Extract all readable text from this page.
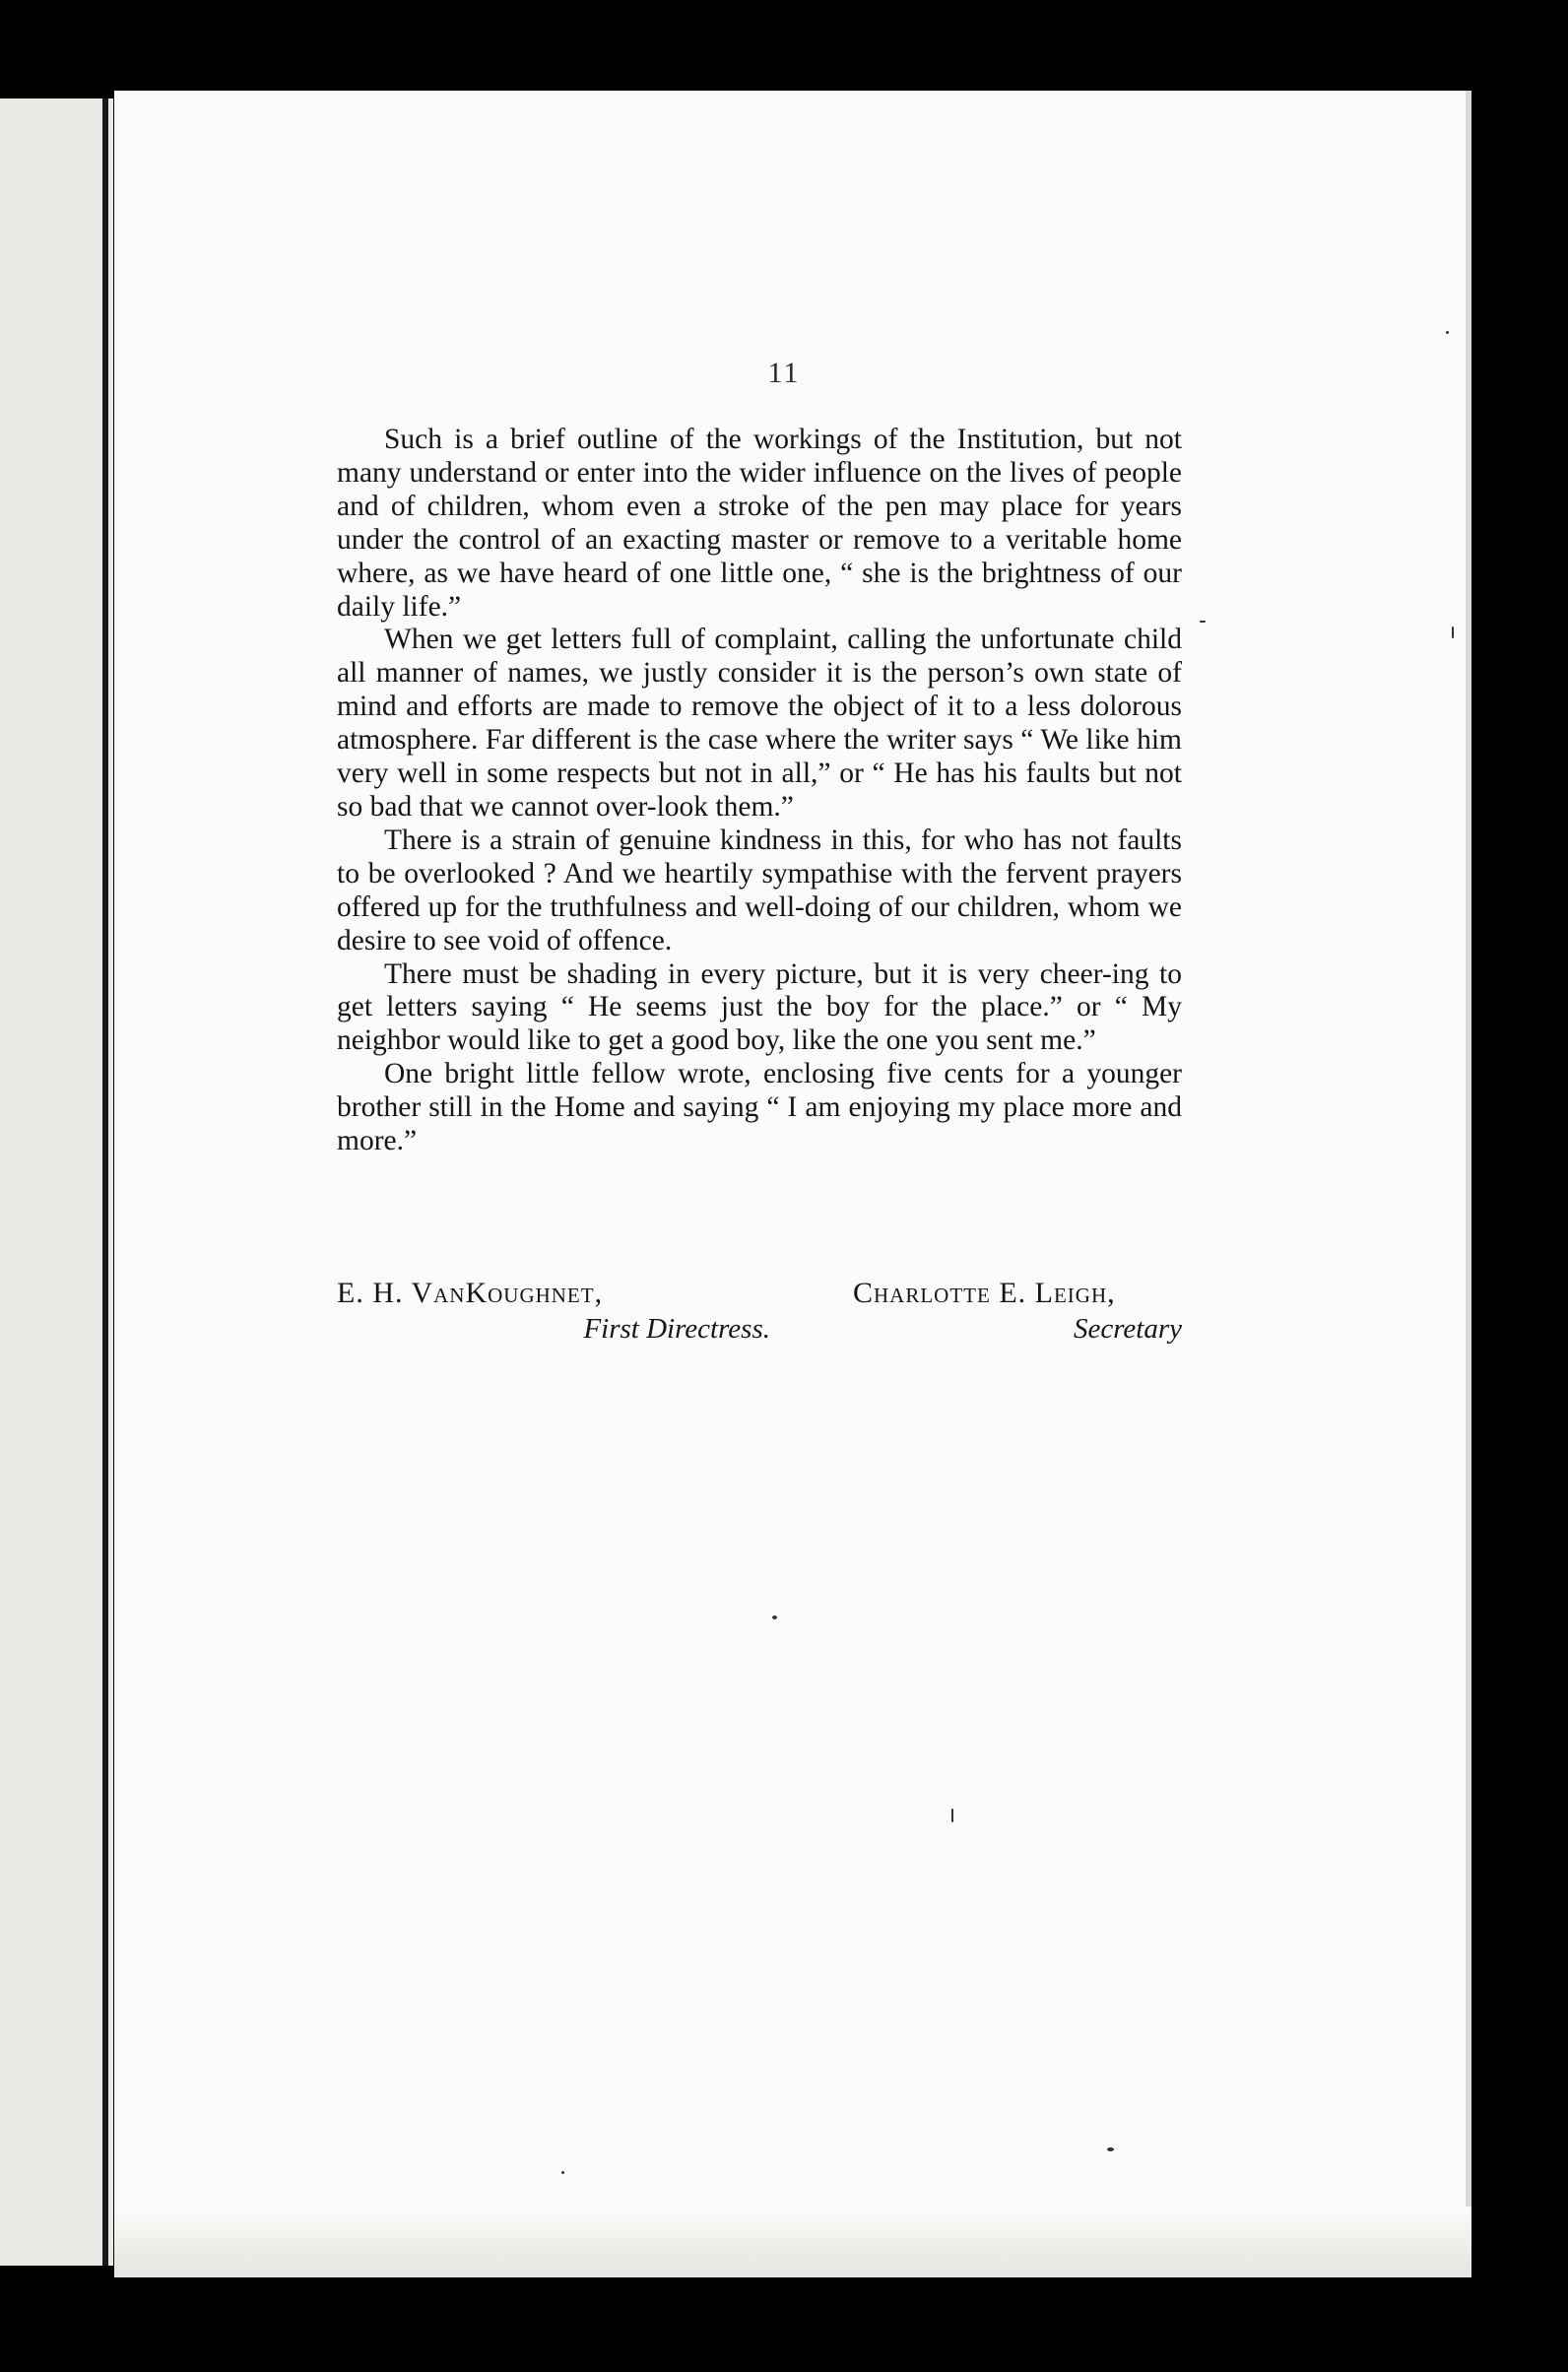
11

Such is a brief outline of the workings of the Institution, but not many understand or enter into the wider influence on the lives of people and of children, whom even a stroke of the pen may place for years under the control of an exacting master or remove to a veritable home where, as we have heard of one little one, “ she is the brightness of our daily life.”

When we get letters full of complaint, calling the unfortunate child all manner of names, we justly consider it is the person’s own state of mind and efforts are made to remove the object of it to a less dolorous atmosphere. Far different is the case where the writer says “ We like him very well in some respects but not in all,” or “ He has his faults but not so bad that we cannot over-look them.”

There is a strain of genuine kindness in this, for who has not faults to be overlooked ? And we heartily sympathise with the fervent prayers offered up for the truthfulness and well-doing of our children, whom we desire to see void of offence.

There must be shading in every picture, but it is very cheer-ing to get letters saying “ He seems just the boy for the place.” or “ My neighbor would like to get a good boy, like the one you sent me.”

One bright little fellow wrote, enclosing five cents for a younger brother still in the Home and saying “ I am enjoying my place more and more.”

E. H. VanKoughnet,
First Directress.
Charlotte E. Leigh,
Secretary
